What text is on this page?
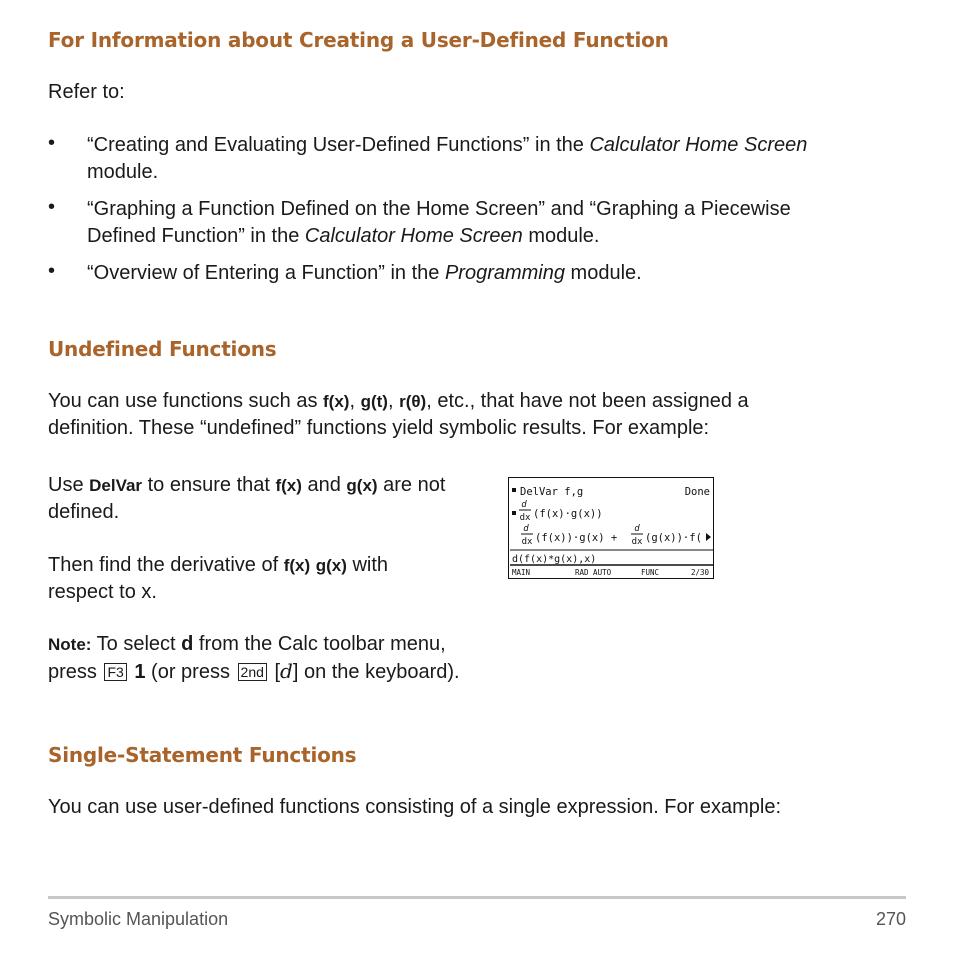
For Information about Creating a User-Defined Function
Refer to:
• “Creating and Evaluating User-Defined Functions” in the Calculator Home Screen
module.
• “Graphing a Function Defined on the Home Screen” and “Graphing a Piecewise
Defined Function” in the Calculator Home Screen module.
• “Overview of Entering a Function” in the Programming module.
Undefined Functions
You can use functions such as f(x), g(t), r(θ), etc., that have not been assigned a
definition. These “undefined” functions yield symbolic results. For example:
Use DelVar to ensure that f(x) and g(x) are not
defined.
Then find the derivative of f(x) g(x) with
respect to x.
Note: To select d from the Calc toolbar menu,
press F3 1 (or press 2nd [d] on the keyboard).
DelVar f,g	Done
d
dx (f(x)·g(x))
d
dx (f(x))·g(x) +
d
dx (g(x))·f(
d(f(x)*g(x),x)
MAIN	RAD AUTO	FUNC	2/30
Single-Statement Functions
You can use user-defined functions consisting of a single expression. For example:
Symbolic Manipulation	270
